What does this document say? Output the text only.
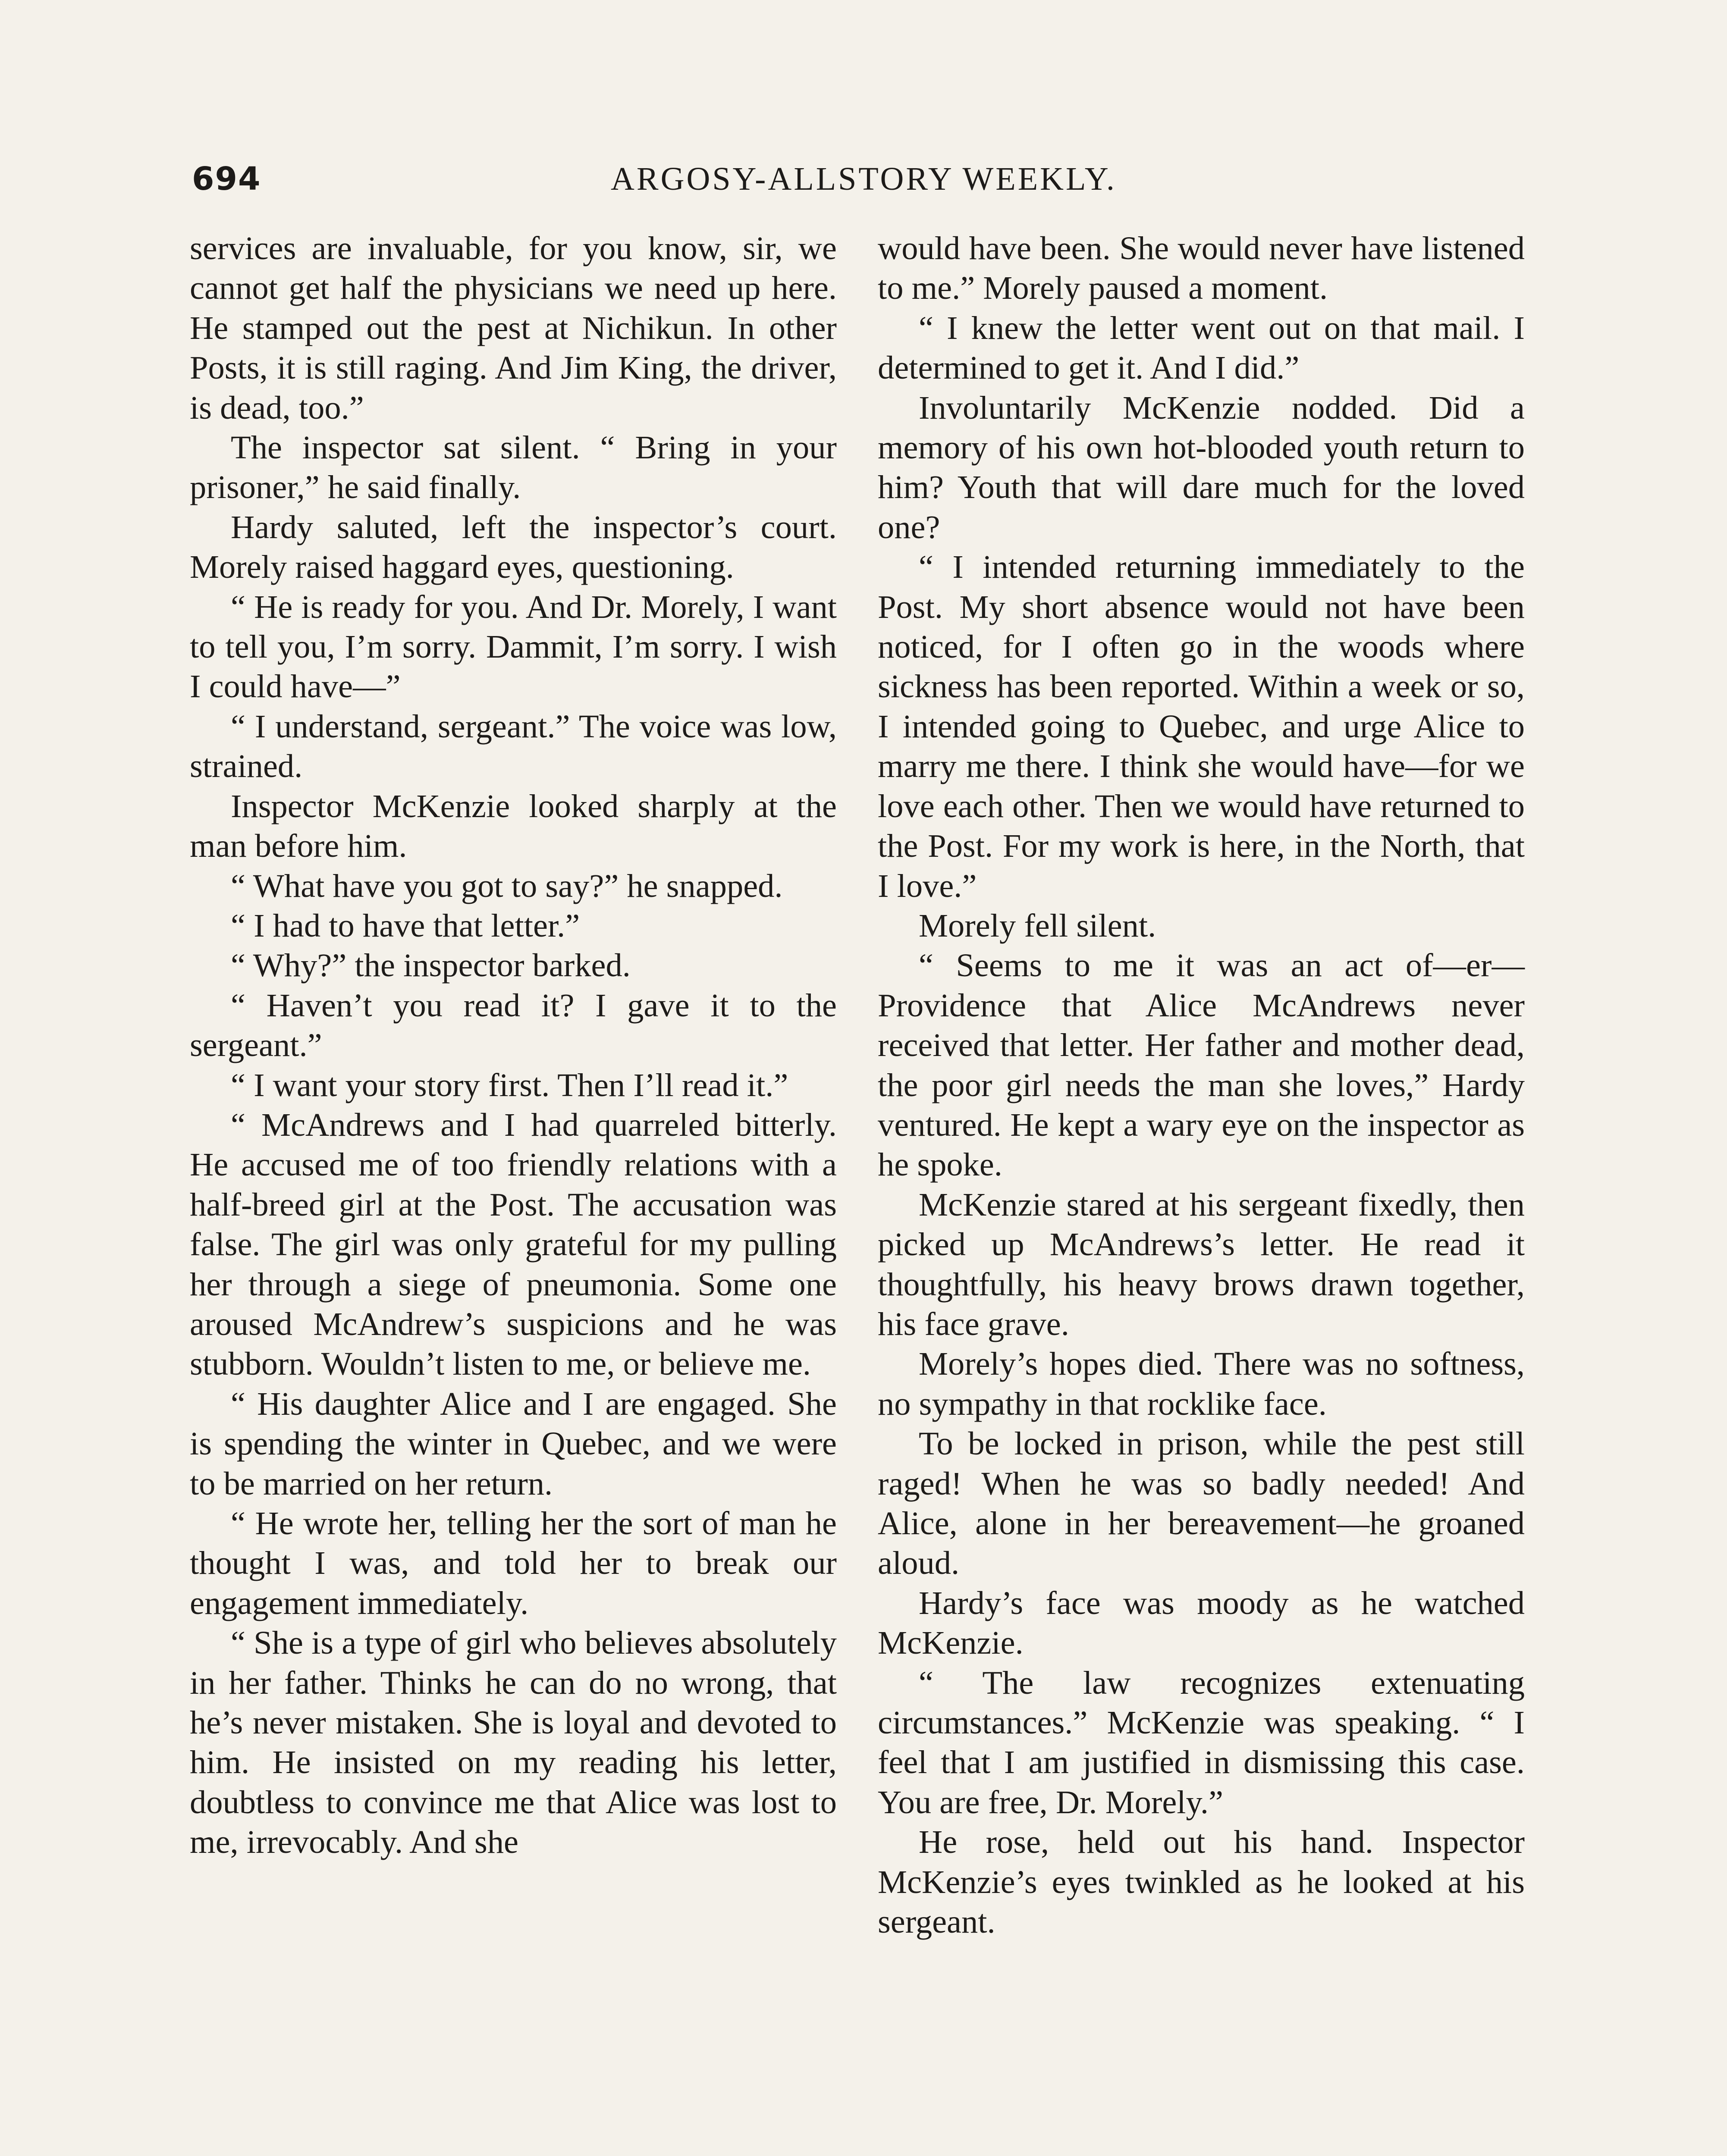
694	ARGOSY-ALLSTORY WEEKLY.

services are invaluable, for you know, sir, we cannot get half the physicians we need up here. He stamped out the pest at Nichikun. In other Posts, it is still raging. And Jim King, the driver, is dead, too.”

The inspector sat silent. “ Bring in your prisoner,” he said finally.

Hardy saluted, left the inspector’s court. Morely raised haggard eyes, questioning.

“ He is ready for you. And Dr. Morely, I want to tell you, I’m sorry. Dammit, I’m sorry. I wish I could have—”

“ I understand, sergeant.” The voice was low, strained.

Inspector McKenzie looked sharply at the man before him.

“ What have you got to say?” he snapped.

“ I had to have that letter.”

“ Why?” the inspector barked.

“ Haven’t you read it? I gave it to the sergeant.”

“ I want your story first. Then I’ll read it.”

“ McAndrews and I had quarreled bitterly. He accused me of too friendly relations with a half-breed girl at the Post. The accusation was false. The girl was only grateful for my pulling her through a siege of pneumonia. Some one aroused McAndrew’s suspicions and he was stubborn. Wouldn’t listen to me, or believe me.

“ His daughter Alice and I are engaged. She is spending the winter in Quebec, and we were to be married on her return.

“ He wrote her, telling her the sort of man he thought I was, and told her to break our engagement immediately.

“ She is a type of girl who believes absolutely in her father. Thinks he can do no wrong, that he’s never mistaken. She is loyal and devoted to him. He insisted on my reading his letter, doubtless to convince me that Alice was lost to me, irrevocably. And she

would have been. She would never have listened to me.” Morely paused a moment.

“ I knew the letter went out on that mail. I determined to get it. And I did.”

Involuntarily McKenzie nodded. Did a memory of his own hot-blooded youth return to him? Youth that will dare much for the loved one?

“ I intended returning immediately to the Post. My short absence would not have been noticed, for I often go in the woods where sickness has been reported. Within a week or so, I intended going to Quebec, and urge Alice to marry me there. I think she would have—for we love each other. Then we would have returned to the Post. For my work is here, in the North, that I love.”

Morely fell silent.

“ Seems to me it was an act of—er—Providence that Alice McAndrews never received that letter. Her father and mother dead, the poor girl needs the man she loves,” Hardy ventured. He kept a wary eye on the inspector as he spoke.

McKenzie stared at his sergeant fixedly, then picked up McAndrews’s letter. He read it thoughtfully, his heavy brows drawn together, his face grave.

Morely’s hopes died. There was no softness, no sympathy in that rocklike face.

To be locked in prison, while the pest still raged! When he was so badly needed! And Alice, alone in her bereavement—he groaned aloud.

Hardy’s face was moody as he watched McKenzie.

“ The law recognizes extenuating circumstances.” McKenzie was speaking. “ I feel that I am justified in dismissing this case. You are free, Dr. Morely.”

He rose, held out his hand. Inspector McKenzie’s eyes twinkled as he looked at his sergeant.
